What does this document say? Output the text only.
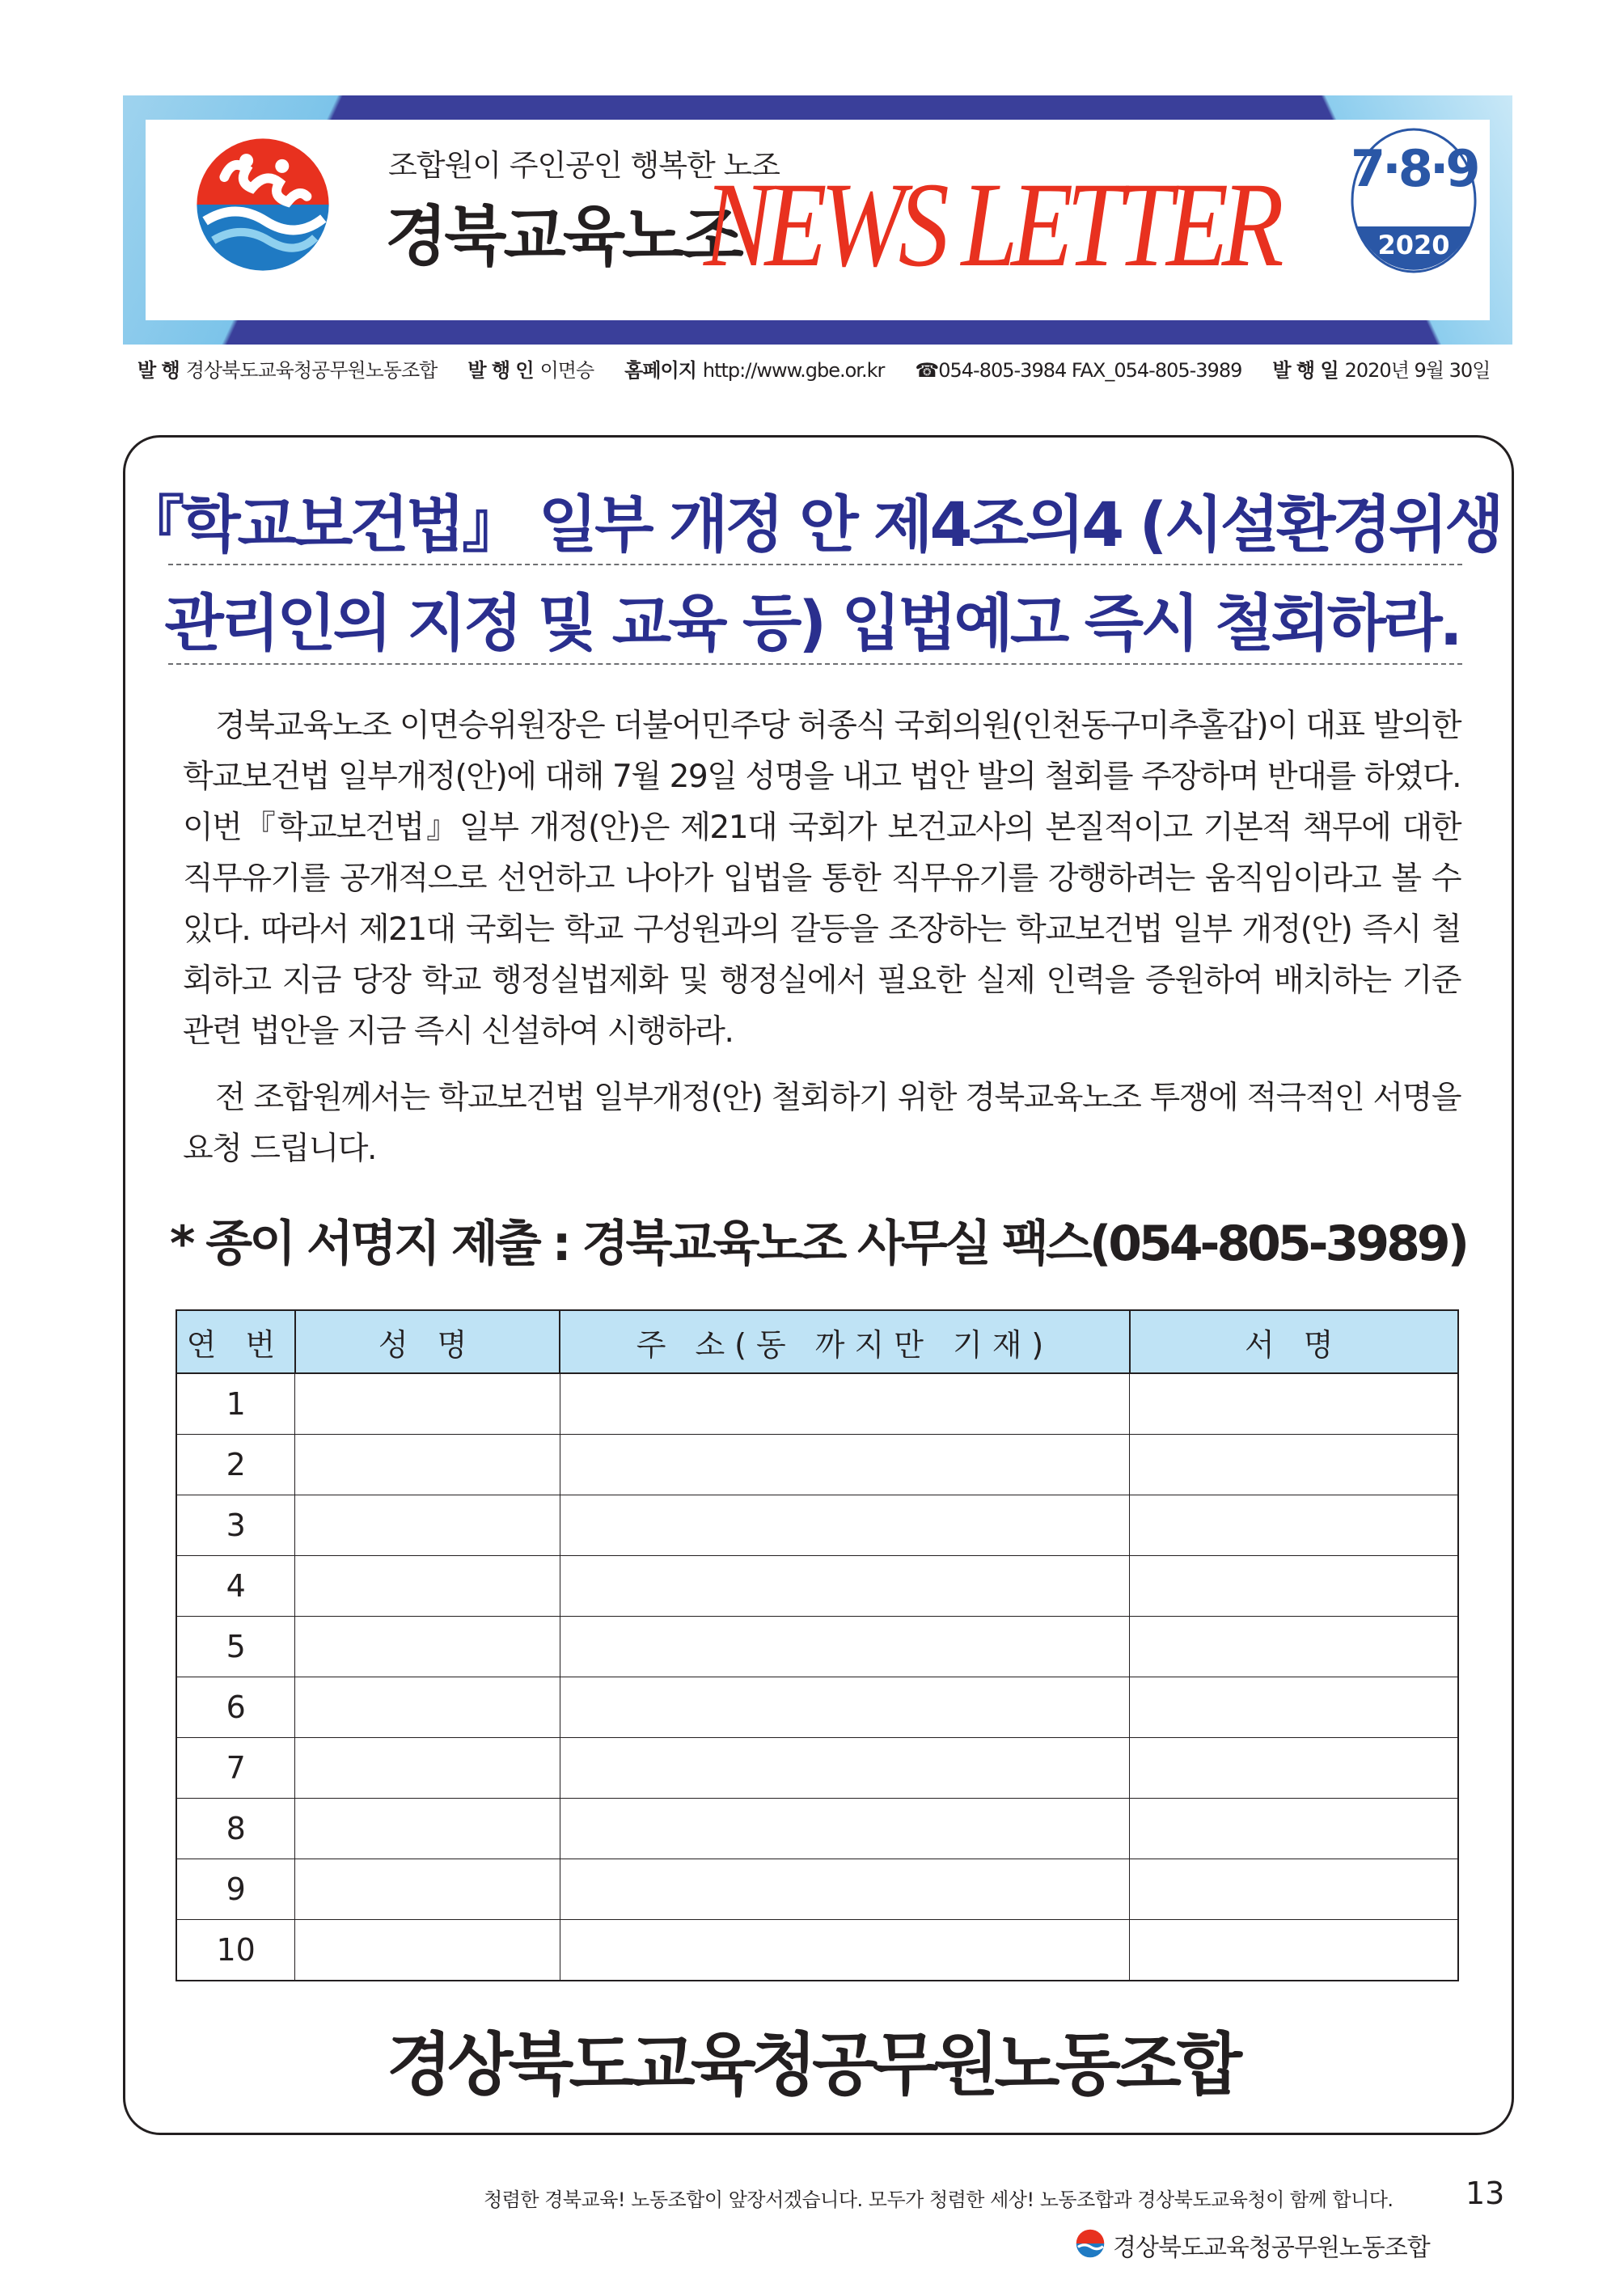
조합원이 주인공인 행복한 노조
경북교육노조
NEWS LETTER 7·8·9
2020
발 행 경상북도교육청공무원노동조합 발 행 인 이면승 홈페이지 http://www.gbe.or.kr ☎054-805-3984 FAX_054-805-3989 발 행 일 2020년 9월 30일
『학교보건법』 일부 개정 안 제4조의4 (시설환경위생
관리인의 지정 및 교육 등) 입법예고 즉시 철회하라.
경북교육노조 이면승위원장은 더불어민주당 허종식 국회의원(인천동구미추홀갑)이 대표 발의한 학교보건법 일부개정(안)에 대해 7월 29일 성명을 내고 법안 발의 철회를 주장하며 반대를 하였다. 이번『학교보건법』일부 개정(안)은 제21대 국회가 보건교사의 본질적이고 기본적 책무에 대한 직무유기를 공개적으로 선언하고 나아가 입법을 통한 직무유기를 강행하려는 움직임이라고 볼 수 있다. 따라서 제21대 국회는 학교 구성원과의 갈등을 조장하는 학교보건법 일부 개정(안) 즉시 철회하고 지금 당장 학교 행정실법제화 및 행정실에서 필요한 실제 인력을 증원하여 배치하는 기준 관련 법안을 지금 즉시 신설하여 시행하라.
전 조합원께서는 학교보건법 일부개정(안) 철회하기 위한 경북교육노조 투쟁에 적극적인 서명을 요청 드립니다.
* 종이 서명지 제출 : 경북교육노조 사무실 팩스(054-805-3989)
연 번	성 명	주 소(동 까지만 기재)	서 명
1			
2			
3			
4			
5			
6			
7			
8			
9			
10			
경상북도교육청공무원노동조합
청렴한 경북교육! 노동조합이 앞장서겠습니다. 모두가 청렴한 세상! 노동조합과 경상북도교육청이 함께 합니다. 13
경상북도교육청공무원노동조합
